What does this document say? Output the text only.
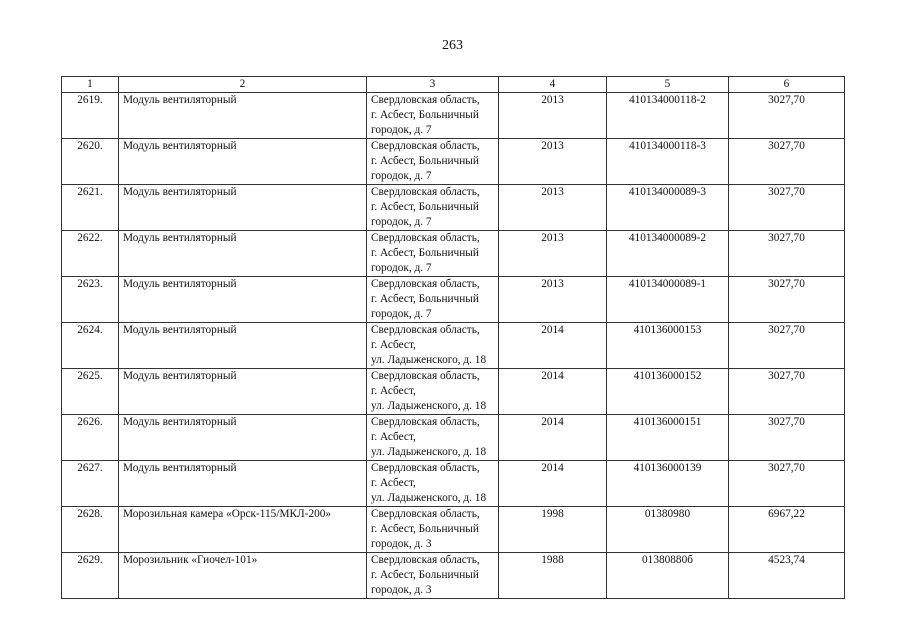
263
1	2	3	4	5	6
2619.	Модуль вентиляторный	Свердловская область,
г. Асбест, Больничный
городок, д. 7	2013	410134000118-2	3027,70
2620.	Модуль вентиляторный	Свердловская область,
г. Асбест, Больничный
городок, д. 7	2013	410134000118-3	3027,70
2621.	Модуль вентиляторный	Свердловская область,
г. Асбест, Больничный
городок, д. 7	2013	410134000089-3	3027,70
2622.	Модуль вентиляторный	Свердловская область,
г. Асбест, Больничный
городок, д. 7	2013	410134000089-2	3027,70
2623.	Модуль вентиляторный	Свердловская область,
г. Асбест, Больничный
городок, д. 7	2013	410134000089-1	3027,70
2624.	Модуль вентиляторный	Свердловская область,
г. Асбест,
ул. Ладыженского, д. 18	2014	410136000153	3027,70
2625.	Модуль вентиляторный	Свердловская область,
г. Асбест,
ул. Ладыженского, д. 18	2014	410136000152	3027,70
2626.	Модуль вентиляторный	Свердловская область,
г. Асбест,
ул. Ладыженского, д. 18	2014	410136000151	3027,70
2627.	Модуль вентиляторный	Свердловская область,
г. Асбест,
ул. Ладыженского, д. 18	2014	410136000139	3027,70
2628.	Морозильная камера «Орск-115/МКЛ-200»	Свердловская область,
г. Асбест, Больничный
городок, д. 3	1998	01380980	6967,22
2629.	Морозильник «Гиочел-101»	Свердловская область,
г. Асбест, Больничный
городок, д. 3	1988	01380880б	4523,74
